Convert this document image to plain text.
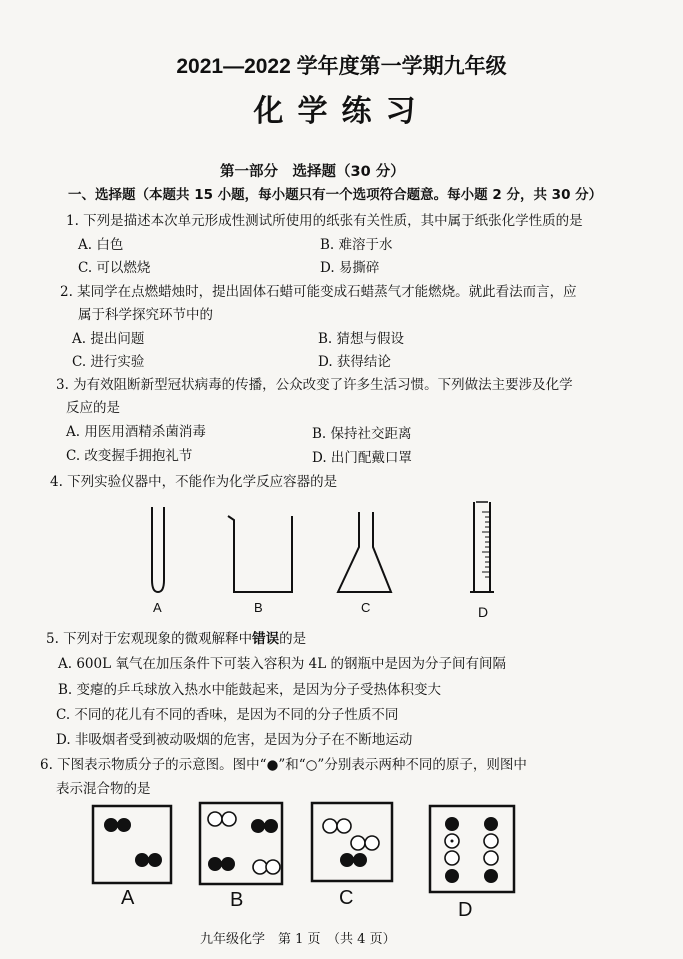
2021—2022 学年度第一学期九年级
化学练习
第一部分　选择题（30 分）
一、选择题（本题共 15 小题，每小题只有一个选项符合题意。每小题 2 分，共 30 分）
1. 下列是描述本次单元形成性测试所使用的纸张有关性质，其中属于纸张化学性质的是
A. 白色	B. 难溶于水
C. 可以燃烧	D. 易撕碎
2. 某同学在点燃蜡烛时，提出固体石蜡可能变成石蜡蒸气才能燃烧。就此看法而言，应
属于科学探究环节中的
A. 提出问题	B. 猜想与假设
C. 进行实验	D. 获得结论
3. 为有效阻断新型冠状病毒的传播，公众改变了许多生活习惯。下列做法主要涉及化学
反应的是
A. 用医用酒精杀菌消毒	B. 保持社交距离
C. 改变握手拥抱礼节	D. 出门配戴口罩
4. 下列实验仪器中，不能作为化学反应容器的是
A	B	C	D
5. 下列对于宏观现象的微观解释中错误的是
A. 600L 氧气在加压条件下可装入容积为 4L 的钢瓶中是因为分子间有间隔
B. 变瘪的乒乓球放入热水中能鼓起来，是因为分子受热体积变大
C. 不同的花儿有不同的香味，是因为不同的分子性质不同
D. 非吸烟者受到被动吸烟的危害，是因为分子在不断地运动
6. 下图表示物质分子的示意图。图中“●”和“○”分别表示两种不同的原子，则图中
表示混合物的是
A	B	C
D
九年级化学　第 1 页　（共 4 页）
